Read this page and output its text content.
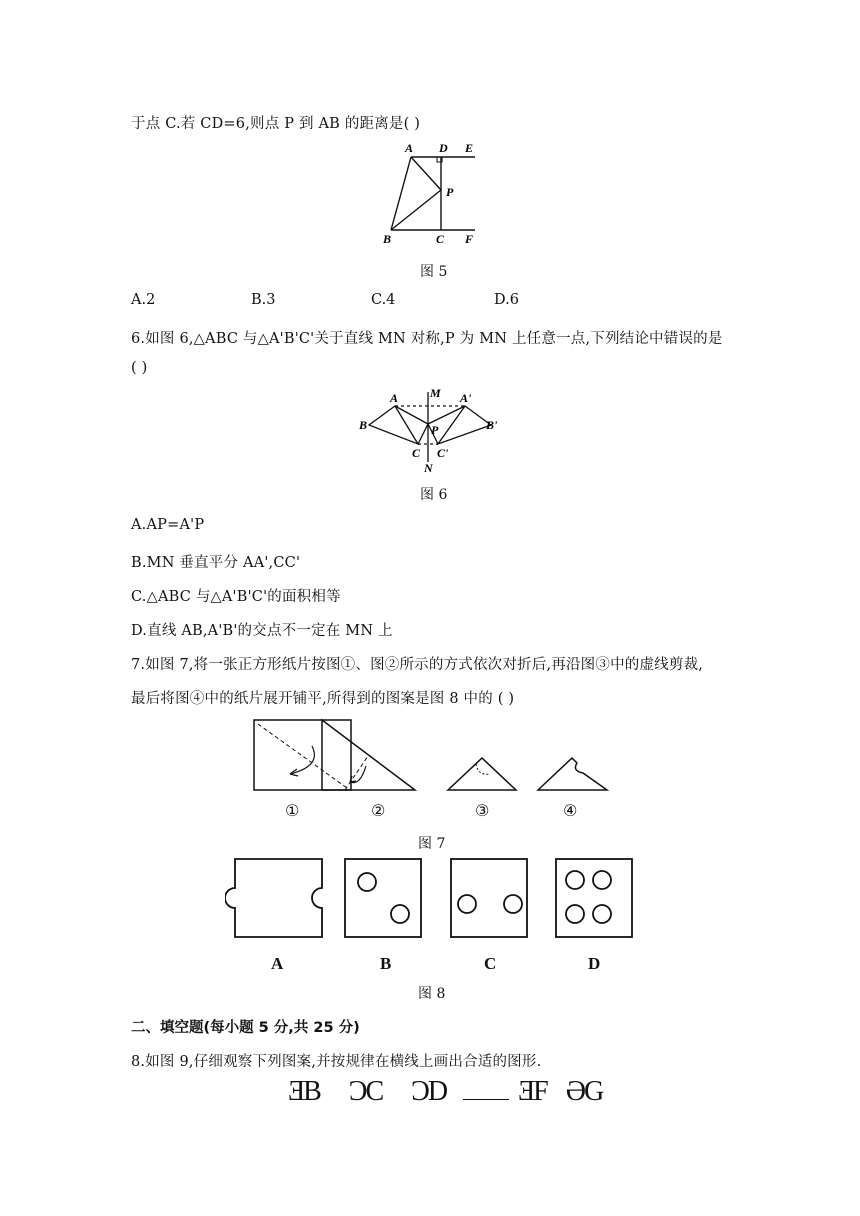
于点 C.若 CD=6,则点 P 到 AB 的距离是( )
A D E
P
B	C F
图 5
A.2	B.3	C.4	D.6
6.如图 6,△ABC 与△A'B'C'关于直线 MN 对称,P 为 MN 上任意一点,下列结论中错误的是
( )
M
A	A'
B	B'
P
C C'
N
图 6
A.AP=A'P
B.MN 垂直平分 AA',CC'
C.△ABC 与△A'B'C'的面积相等
D.直线 AB,A'B'的交点不一定在 MN 上
7.如图 7,将一张正方形纸片按图①、图②所示的方式依次对折后,再沿图③中的虚线剪裁,
最后将图④中的纸片展开铺平,所得到的图案是图 8 中的 ( )
①	②	③	④
图 7
A	B	C	D
图 8
二、填空题(每小题 5 分,共 25 分)
8.如图 9,仔细观察下列图案,并按规律在横线上画出合适的图形.
ƎB ƆC ƆD	ƎF ƏG
